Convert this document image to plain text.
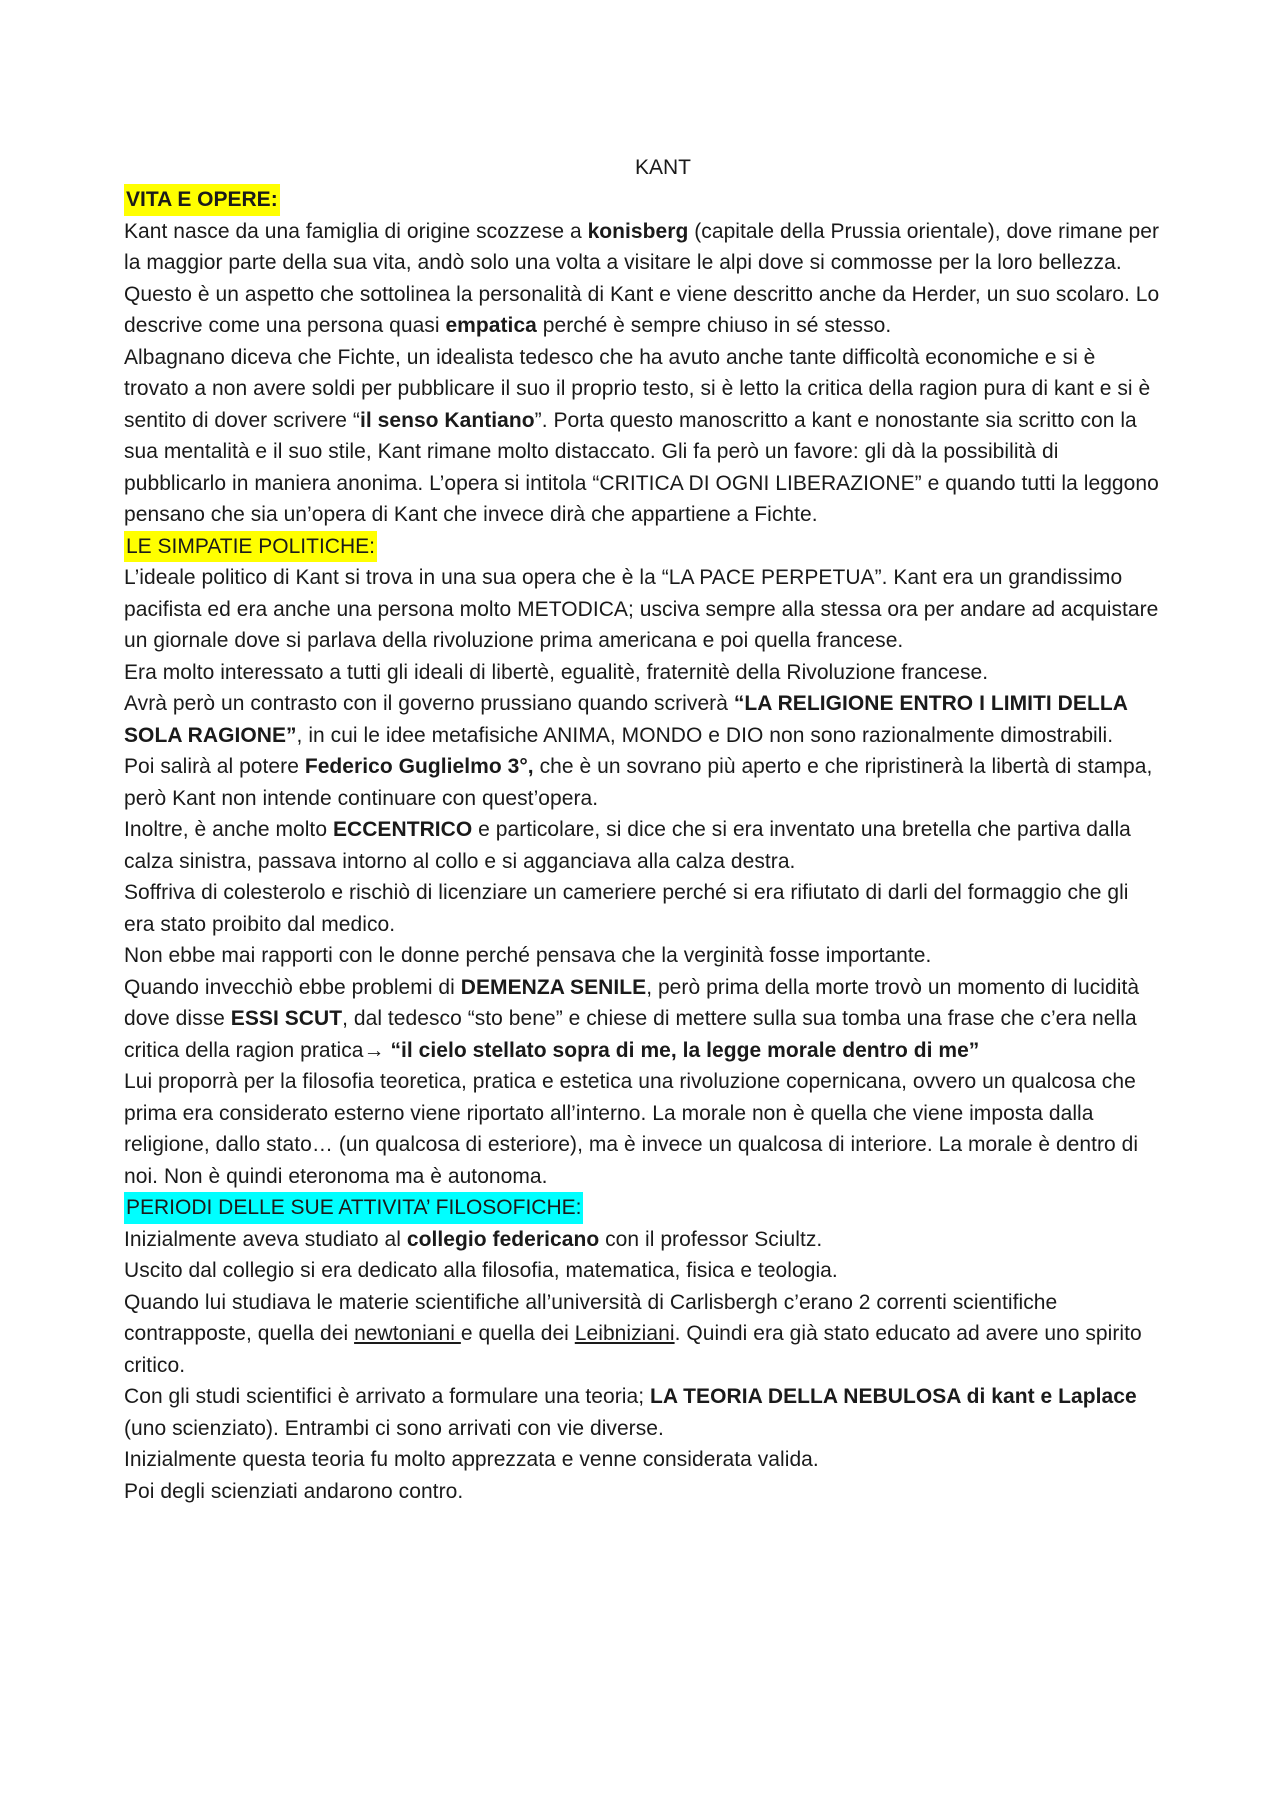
KANT
VITA E OPERE:

Kant nasce da una famiglia di origine scozzese a konisberg (capitale della Prussia orientale), dove rimane per la maggior parte della sua vita, andò solo una volta a visitare le alpi dove si commosse per la loro bellezza. Questo è un aspetto che sottolinea la personalità di Kant e viene descritto anche da Herder, un suo scolaro. Lo descrive come una persona quasi empatica perché è sempre chiuso in sé stesso.

Albagnano diceva che Fichte, un idealista tedesco che ha avuto anche tante difficoltà economiche e si è trovato a non avere soldi per pubblicare il suo il proprio testo, si è letto la critica della ragion pura di kant e si è sentito di dover scrivere “il senso Kantiano”. Porta questo manoscritto a kant e nonostante sia scritto con la sua mentalità e il suo stile, Kant rimane molto distaccato. Gli fa però un favore: gli dà la possibilità di pubblicarlo in maniera anonima. L’opera si intitola “CRITICA DI OGNI LIBERAZIONE” e quando tutti la leggono pensano che sia un’opera di Kant che invece dirà che appartiene a Fichte.

LE SIMPATIE POLITICHE:

L’ideale politico di Kant si trova in una sua opera che è la “LA PACE PERPETUA”. Kant era un grandissimo pacifista ed era anche una persona molto METODICA; usciva sempre alla stessa ora per andare ad acquistare un giornale dove si parlava della rivoluzione prima americana e poi quella francese.

Era molto interessato a tutti gli ideali di libertè, egualitè, fraternitè della Rivoluzione francese.

Avrà però un contrasto con il governo prussiano quando scriverà “LA RELIGIONE ENTRO I LIMITI DELLA SOLA RAGIONE”, in cui le idee metafisiche ANIMA, MONDO e DIO non sono razionalmente dimostrabili.

Poi salirà al potere Federico Guglielmo 3°, che è un sovrano più aperto e che ripristinerà la libertà di stampa, però Kant non intende continuare con quest’opera.

Inoltre, è anche molto ECCENTRICO e particolare, si dice che si era inventato una bretella che partiva dalla calza sinistra, passava intorno al collo e si agganciava alla calza destra.

Soffriva di colesterolo e rischiò di licenziare un cameriere perché si era rifiutato di darli del formaggio che gli era stato proibito dal medico.

Non ebbe mai rapporti con le donne perché pensava che la verginità fosse importante.

Quando invecchiò ebbe problemi di DEMENZA SENILE, però prima della morte trovò un momento di lucidità dove disse ESSI SCUT, dal tedesco “sto bene” e chiese di mettere sulla sua tomba una frase che c’era nella critica della ragion pratica→ “il cielo stellato sopra di me, la legge morale dentro di me”

Lui proporrà per la filosofia teoretica, pratica e estetica una rivoluzione copernicana, ovvero un qualcosa che prima era considerato esterno viene riportato all’interno. La morale non è quella che viene imposta dalla religione, dallo stato… (un qualcosa di esteriore), ma è invece un qualcosa di interiore. La morale è dentro di noi. Non è quindi eteronoma ma è autonoma.

PERIODI DELLE SUE ATTIVITA’ FILOSOFICHE:

Inizialmente aveva studiato al collegio federicano con il professor Sciultz.

Uscito dal collegio si era dedicato alla filosofia, matematica, fisica e teologia.

Quando lui studiava le materie scientifiche all’università di Carlisbergh c’erano 2 correnti scientifiche contrapposte, quella dei newtoniani e quella dei Leibniziani. Quindi era già stato educato ad avere uno spirito critico.

Con gli studi scientifici è arrivato a formulare una teoria; LA TEORIA DELLA NEBULOSA di kant e Laplace (uno scienziato). Entrambi ci sono arrivati con vie diverse.

Inizialmente questa teoria fu molto apprezzata e venne considerata valida.

Poi degli scienziati andarono contro.
